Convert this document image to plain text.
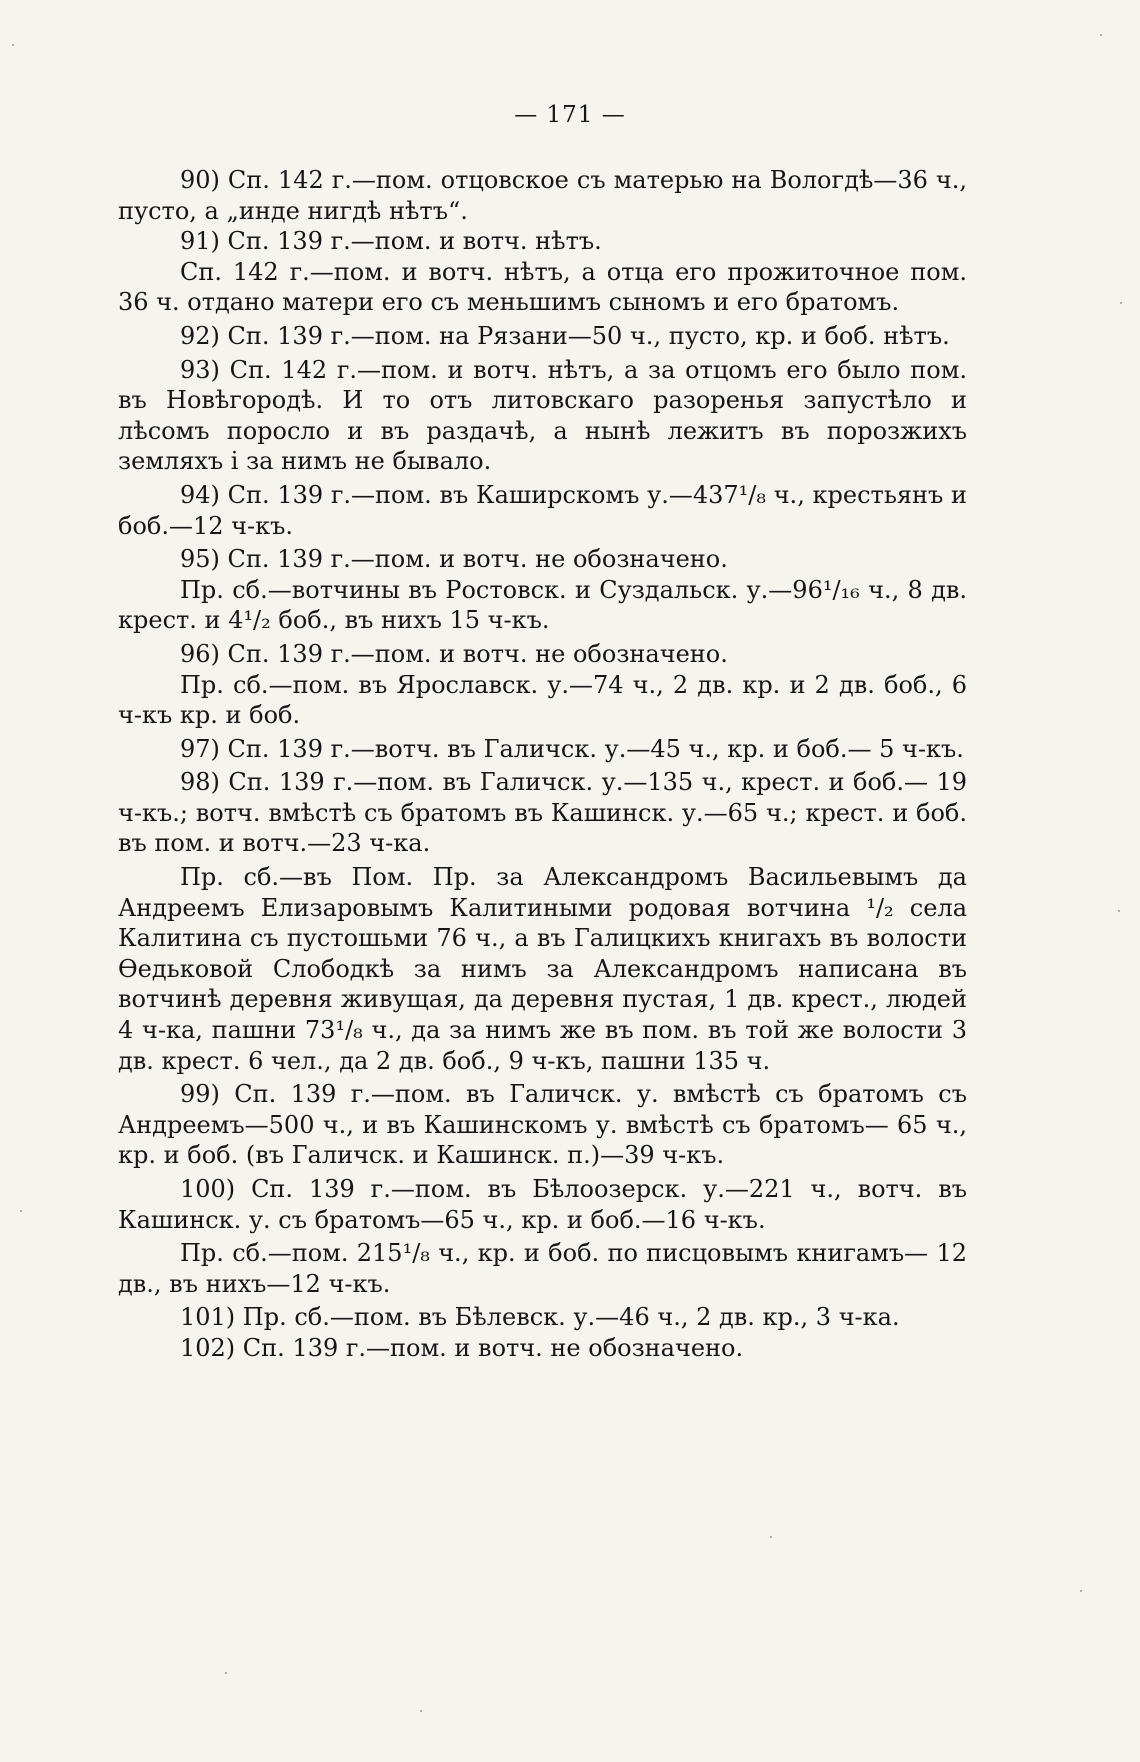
— 171 —

90) Сп. 142 г.—пом. отцовское съ матерью на Вологдѣ—36 ч., пусто, а „инде нигдѣ нѣтъ“.

91) Сп. 139 г.—пом. и вотч. нѣтъ.

Сп. 142 г.—пом. и вотч. нѣтъ, а отца его прожиточное пом. 36 ч. отдано матери его съ меньшимъ сыномъ и его братомъ.

92) Сп. 139 г.—пом. на Рязани—50 ч., пусто, кр. и боб. нѣтъ.

93) Сп. 142 г.—пом. и вотч. нѣтъ, а за отцомъ его было пом. въ Новѣгородѣ. И то отъ литовскаго разоренья запустѣло и лѣсомъ поросло и въ раздачѣ, а нынѣ лежитъ въ порозжихъ земляхъ і за нимъ не бывало.

94) Сп. 139 г.—пом. въ Каширскомъ у.—437¹/₈ ч., крестьянъ и боб.—12 ч-къ.

95) Сп. 139 г.—пом. и вотч. не обозначено.

Пр. сб.—вотчины въ Ростовск. и Суздальск. у.—96¹/₁₆ ч., 8 дв. крест. и 4¹/₂ боб., въ нихъ 15 ч-къ.

96) Сп. 139 г.—пом. и вотч. не обозначено.

Пр. сб.—пом. въ Ярославск. у.—74 ч., 2 дв. кр. и 2 дв. боб., 6 ч-къ кр. и боб.

97) Сп. 139 г.—вотч. въ Галичск. у.—45 ч., кр. и боб.— 5 ч-къ.

98) Сп. 139 г.—пом. въ Галичск. у.—135 ч., крест. и боб.— 19 ч-къ.; вотч. вмѣстѣ съ братомъ въ Кашинск. у.—65 ч.; крест. и боб. въ пом. и вотч.—23 ч-ка.

Пр. сб.—въ Пом. Пр. за Александромъ Васильевымъ да Андреемъ Елизаровымъ Калитиными родовая вотчина ¹/₂ села Калитина съ пустошьми 76 ч., а въ Галицкихъ книгахъ въ волости Ѳедьковой Слободкѣ за нимъ за Александромъ написана въ вотчинѣ деревня живущая, да деревня пустая, 1 дв. крест., людей 4 ч-ка, пашни 73¹/₈ ч., да за нимъ же въ пом. въ той же волости 3 дв. крест. 6 чел., да 2 дв. боб., 9 ч-къ, пашни 135 ч.

99) Сп. 139 г.—пом. въ Галичск. у. вмѣстѣ съ братомъ съ Андреемъ—500 ч., и въ Кашинскомъ у. вмѣстѣ съ братомъ— 65 ч., кр. и боб. (въ Галичск. и Кашинск. п.)—39 ч-къ.

100) Сп. 139 г.—пом. въ Бѣлоозерск. у.—221 ч., вотч. въ Кашинск. у. съ братомъ—65 ч., кр. и боб.—16 ч-къ.

Пр. сб.—пом. 215¹/₈ ч., кр. и боб. по писцовымъ книгамъ— 12 дв., въ нихъ—12 ч-къ.

101) Пр. сб.—пом. въ Бѣлевск. у.—46 ч., 2 дв. кр., 3 ч-ка.

102) Сп. 139 г.—пом. и вотч. не обозначено.
